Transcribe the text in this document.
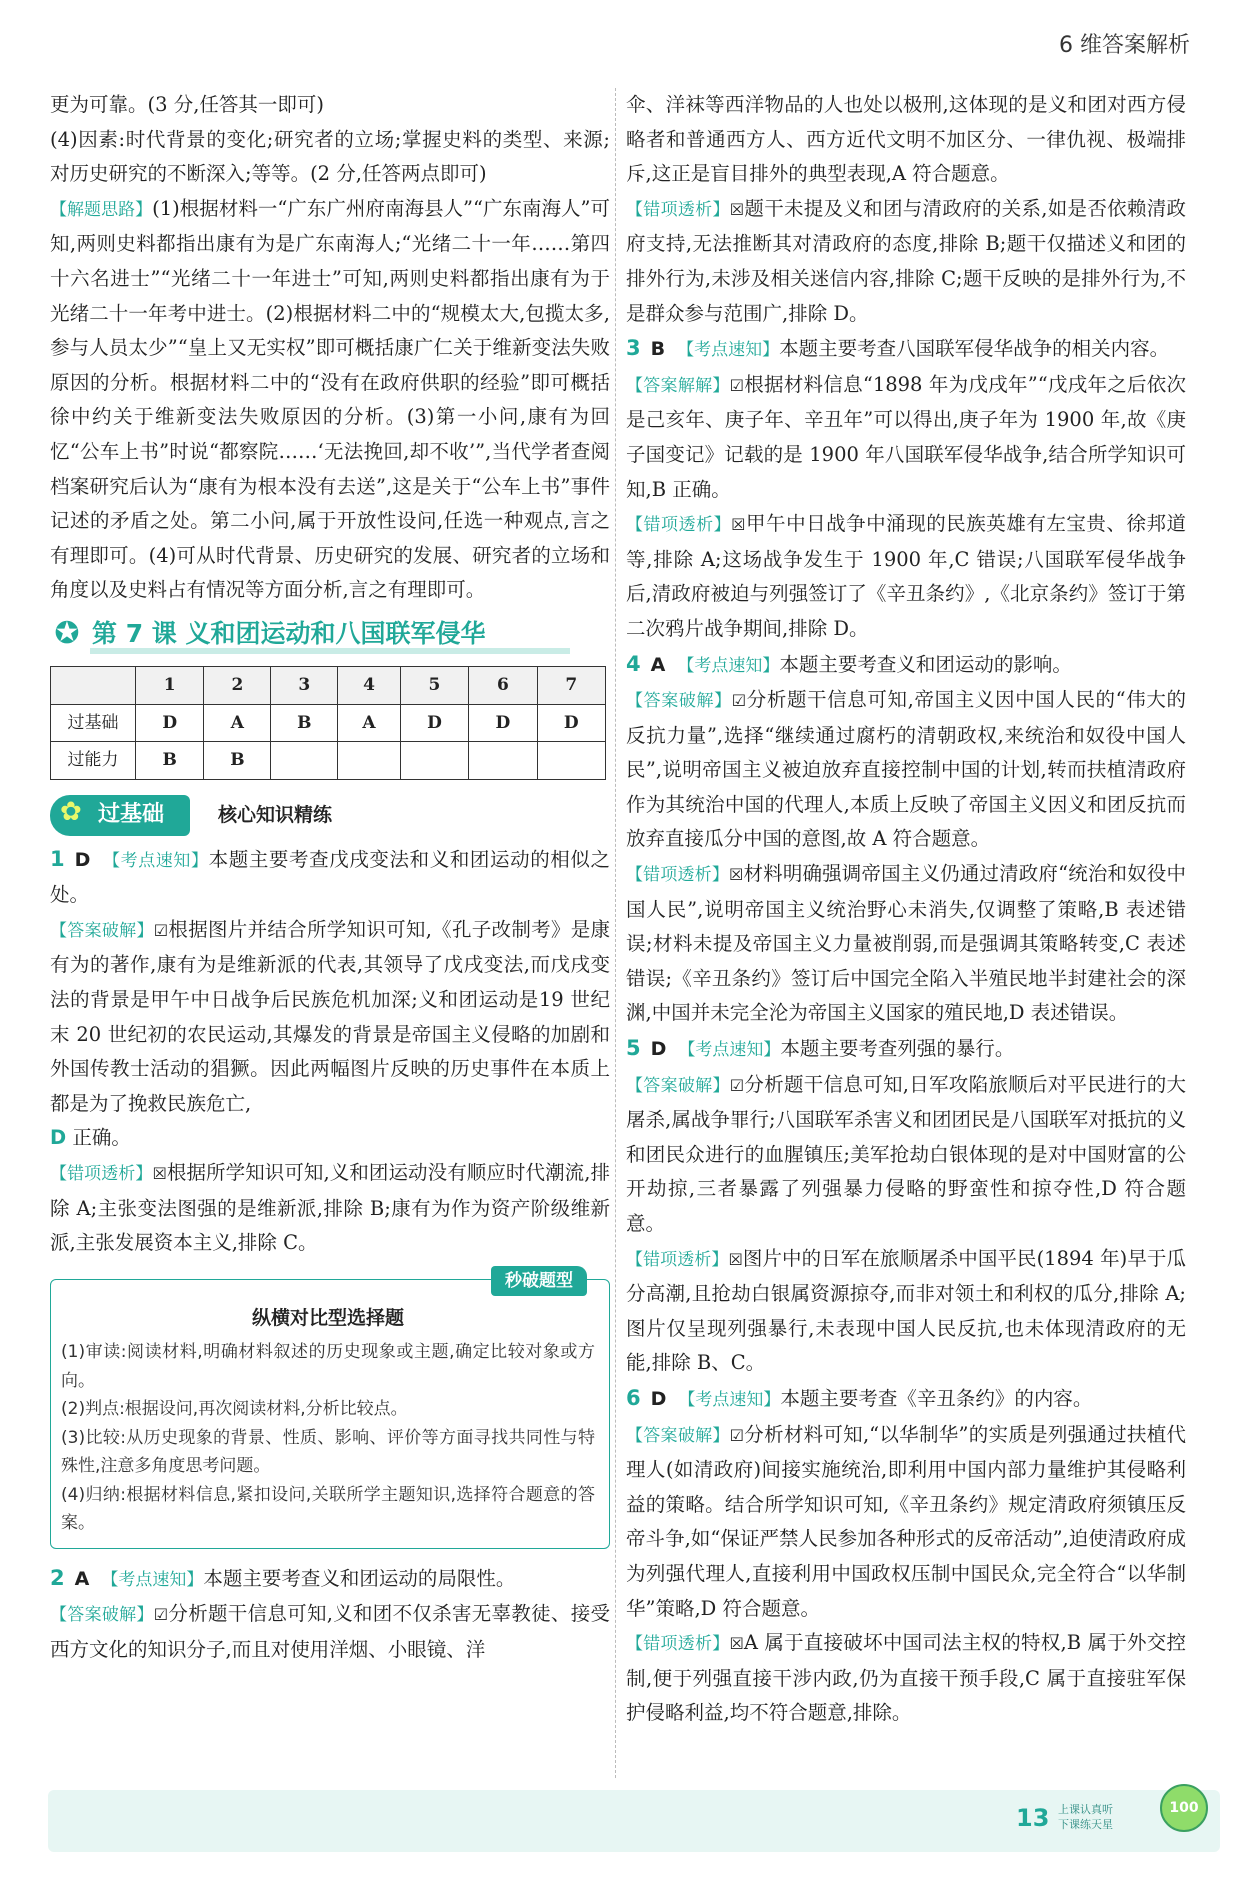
6 维答案解析

更为可靠。(3 分,任答其一即可)

(4)因素:时代背景的变化;研究者的立场;掌握史料的类型、来源;对历史研究的不断深入;等等。(2 分,任答两点即可)

【 解题思路 】 (1)根据材料一“广东广州府南海县人”“广东南海人”可知,两则史料都指出康有为是广东南海人;“光绪二十一年……第四十六名进士”“光绪二十一年进士”可知,两则史料都指出康有为于光绪二十一年考中进士。(2)根据材料二中的“规模太大,包揽太多,参与人员太少”“皇上又无实权”即可概括康广仁关于维新变法失败原因的分析。根据材料二中的“没有在政府供职的经验”即可概括徐中约关于维新变法失败原因的分析。(3)第一小问,康有为回忆“公车上书”时说“都察院……‘无法挽回,却不收’”,当代学者查阅档案研究后认为“康有为根本没有去送”,这是关于“公车上书”事件记述的矛盾之处。第二小问,属于开放性设问,任选一种观点,言之有理即可。(4)可从时代背景、历史研究的发展、研究者的立场和角度以及史料占有情况等方面分析,言之有理即可。

✪ 第 7 课 义和团运动和八国联军侵华
	1	2	3	4	5	6	7
过基础	D	A	B	A	D	D	D
过能力	B	B					
✿ 过基础	核心知识精练

1 D 【 考点速知 】 本题主要考查戊戌变法和义和团运动的相似之处。

【 答案破解 】 ☑根据图片并结合所学知识可知,《孔子改制考》是康有为的著作,康有为是维新派的代表,其领导了戊戌变法,而戊戌变法的背景是甲午中日战争后民族危机加深;义和团运动是19 世纪末 20 世纪初的农民运动,其爆发的背景是帝国主义侵略的加剧和外国传教士活动的猖獗。因此两幅图片反映的历史事件在本质上都是为了挽救民族危亡,
D 正确。

【 错项透析 】 ☒根据所学知识可知,义和团运动没有顺应时代潮流,排除 A;主张变法图强的是维新派,排除 B;康有为作为资产阶级维新派,主张发展资本主义,排除 C。

秒破题型
纵横对比型选择题
(1)审读:阅读材料,明确材料叙述的历史现象或主题,确定比较对象或方向。
(2)判点:根据设问,再次阅读材料,分析比较点。
(3)比较:从历史现象的背景、性质、影响、评价等方面寻找共同性与特殊性,注意多角度思考问题。
(4)归纳:根据材料信息,紧扣设问,关联所学主题知识,选择符合题意的答案。

2 A 【 考点速知 】 本题主要考查义和团运动的局限性。

【 答案破解 】 ☑分析题干信息可知,义和团不仅杀害无辜教徒、接受西方文化的知识分子,而且对使用洋烟、小眼镜、洋

伞、洋袜等西洋物品的人也处以极刑,这体现的是义和团对西方侵略者和普通西方人、西方近代文明不加区分、一律仇视、极端排斥,这正是盲目排外的典型表现,A 符合题意。

【 错项透析 】 ☒题干未提及义和团与清政府的关系,如是否依赖清政府支持,无法推断其对清政府的态度,排除 B;题干仅描述义和团的排外行为,未涉及相关迷信内容,排除 C;题干反映的是排外行为,不是群众参与范围广,排除 D。

3 B 【 考点速知 】 本题主要考查八国联军侵华战争的相关内容。

【 答案解解 】 ☑根据材料信息“1898 年为戊戌年”“戊戌年之后依次是己亥年、庚子年、辛丑年”可以得出,庚子年为 1900 年,故《庚子国变记》记载的是 1900 年八国联军侵华战争,结合所学知识可知,B 正确。

【 错项透析 】 ☒甲午中日战争中涌现的民族英雄有左宝贵、徐邦道等,排除 A;这场战争发生于 1900 年,C 错误;八国联军侵华战争后,清政府被迫与列强签订了《辛丑条约》,《北京条约》签订于第二次鸦片战争期间,排除 D。

4 A 【 考点速知 】 本题主要考查义和团运动的影响。

【 答案破解 】 ☑分析题干信息可知,帝国主义因中国人民的“伟大的反抗力量”,选择“继续通过腐朽的清朝政权,来统治和奴役中国人民”,说明帝国主义被迫放弃直接控制中国的计划,转而扶植清政府作为其统治中国的代理人,本质上反映了帝国主义因义和团反抗而放弃直接瓜分中国的意图,故 A 符合题意。

【 错项透析 】 ☒材料明确强调帝国主义仍通过清政府“统治和奴役中国人民”,说明帝国主义统治野心未消失,仅调整了策略,B 表述错误;材料未提及帝国主义力量被削弱,而是强调其策略转变,C 表述错误;《辛丑条约》签订后中国完全陷入半殖民地半封建社会的深渊,中国并未完全沦为帝国主义国家的殖民地,D 表述错误。

5 D 【 考点速知 】 本题主要考查列强的暴行。

【 答案破解 】 ☑分析题干信息可知,日军攻陷旅顺后对平民进行的大屠杀,属战争罪行;八国联军杀害义和团团民是八国联军对抵抗的义和团民众进行的血腥镇压;美军抢劫白银体现的是对中国财富的公开劫掠,三者暴露了列强暴力侵略的野蛮性和掠夺性,D 符合题意。

【 错项透析 】 ☒图片中的日军在旅顺屠杀中国平民(1894 年)早于瓜分高潮,且抢劫白银属资源掠夺,而非对领土和利权的瓜分,排除 A;图片仅呈现列强暴行,未表现中国人民反抗,也未体现清政府的无能,排除 B、C。

6 D 【 考点速知 】 本题主要考查《辛丑条约》的内容。

【 答案破解 】 ☑分析材料可知,“以华制华”的实质是列强通过扶植代理人(如清政府)间接实施统治,即利用中国内部力量维护其侵略利益的策略。结合所学知识可知,《辛丑条约》规定清政府须镇压反帝斗争,如“保证严禁人民参加各种形式的反帝活动”,迫使清政府成为列强代理人,直接利用中国政权压制中国民众,完全符合“以华制华”策略,D 符合题意。

【 错项透析 】 ☒A 属于直接破坏中国司法主权的特权,B 属于外交控制,便于列强直接干涉内政,仍为直接干预手段,C 属于直接驻军保护侵略利益,均不符合题意,排除。

13 上课认真听
下课练天星
100
